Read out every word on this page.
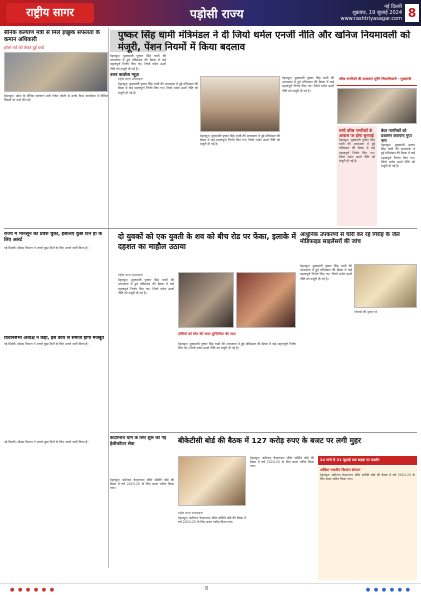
राष्ट्रीय सागर	पड़ोसी राज्य	नई दिल्ली
शुक्रवार, 19 जुलाई 2024
www.rashtriyasagar.com 8
सैनिक कल्याण मंत्री से मिले इच्छुक सफलता के कमान अधिकारी
हरेला पर्व को लेकर हुई चर्चा
देहरादून। प्रदेश के सैनिक कल्याण मंत्री गणेश जोशी से उनके कैम्प कार्यालय में विभिन्न विषयों पर चर्चा की गई।

देहरादून। मुख्यमंत्री पुष्कर सिंह धामी की अध्यक्षता में हुई मंत्रिमंडल की बैठक में कई महत्वपूर्ण निर्णय लिए गए। जियो थर्मल ऊर्जा नीति को मंजूरी दी गई है।

उत्तर कालेज न्यूज़
पुष्कर सिंह धामी मंत्रिमंडल ने दी जियो थर्मल एनर्जी नीति और खनिज नियमावली को मंजूरी, पेंशन नियमों में किया बदलाव
राष्ट्रीय सागर संवाददाता

देहरादून। मुख्यमंत्री पुष्कर सिंह धामी की अध्यक्षता में हुई मंत्रिमंडल की बैठक में कई महत्वपूर्ण निर्णय लिए गए। जियो थर्मल ऊर्जा नीति को मंजूरी दी गई है।

देहरादून। मुख्यमंत्री पुष्कर सिंह धामी की अध्यक्षता में हुई मंत्रिमंडल की बैठक में कई महत्वपूर्ण निर्णय लिए गए। जियो थर्मल ऊर्जा नीति को मंजूरी दी गई है।

देहरादून। मुख्यमंत्री पुष्कर सिंह धामी की अध्यक्षता में हुई मंत्रिमंडल की बैठक में कई महत्वपूर्ण निर्णय लिए गए। जियो थर्मल ऊर्जा नीति को मंजूरी दी गई है।

वरिष्ठ नागरिकों की समस्याएं सुनेंगे जिलाधिकारी - मुख्यमंत्री
सभी वरिष्ठ नागरिकों के आवास पर होगा सुनवाई
देहरादून। मुख्यमंत्री पुष्कर सिंह धामी की अध्यक्षता में हुई मंत्रिमंडल की बैठक में कई महत्वपूर्ण निर्णय लिए गए। जियो थर्मल ऊर्जा नीति को मंजूरी दी गई है।
बेघर नागरिकों को प्रशासन कराएगा गुप्त नाम
देहरादून। मुख्यमंत्री पुष्कर सिंह धामी की अध्यक्षता में हुई मंत्रिमंडल की बैठक में कई महत्वपूर्ण निर्णय लिए गए। जियो थर्मल ऊर्जा नीति को मंजूरी दी गई है।
राज्य में मानसून का प्रवेश चुका, इसलिए कुछ दिन ही के लिए अलर्ट
नई दिल्ली। मौसम विभाग ने अगले कुछ दिनों के लिए अलर्ट जारी किया है।
दो युवकों को एक युवती के शव को बीच रोड पर फेंका, इलाके में दहशत का माहौल उठाया
राष्ट्रीय सागर संवाददाता

देहरादून। मुख्यमंत्री पुष्कर सिंह धामी की अध्यक्षता में हुई मंत्रिमंडल की बैठक में कई महत्वपूर्ण निर्णय लिए गए। जियो थर्मल ऊर्जा नीति को मंजूरी दी गई है।

दोषियों को मौत की सजा सुनिश्चित की जाए

देहरादून। मुख्यमंत्री पुष्कर सिंह धामी की अध्यक्षता में हुई मंत्रिमंडल की बैठक में कई महत्वपूर्ण निर्णय लिए गए। जियो थर्मल ऊर्जा नीति को मंजूरी दी गई है।

आधुनिक उपकरणों से चोरी कर रहे गिरोह के जेल मोडिफाइड साइलेंसरों की जांच
ज्वेलर्स की दुकान से

देहरादून। मुख्यमंत्री पुष्कर सिंह धामी की अध्यक्षता में हुई मंत्रिमंडल की बैठक में कई महत्वपूर्ण निर्णय लिए गए। जियो थर्मल ऊर्जा नीति को मंजूरी दी गई है।

विधानसभा अध्यक्ष ने कहा, इस कार्य से समाज होगा मजबूत
नई दिल्ली। मौसम विभाग ने अगले कुछ दिनों के लिए अलर्ट जारी किया है।
बीकेटीसी बोर्ड की बैठक में 127 करोड़ रुपए के बजट पर लगी मुहर
केदारनाथ धाम के लिए शुरू की गई हेलीकॉप्टर सेवा

देहरादून। बद्रीनाथ केदारनाथ मंदिर समिति बोर्ड की बैठक में वर्ष 2024-25 के लिए बजट पारित किया गया।

राष्ट्रीय सागर संवाददाता

देहरादून। बद्रीनाथ केदारनाथ मंदिर समिति बोर्ड की बैठक में वर्ष 2024-25 के लिए बजट पारित किया गया।

देहरादून। बद्रीनाथ केदारनाथ मंदिर समिति बोर्ड की बैठक में वर्ष 2024-25 के लिए बजट पारित किया गया।

24 मार्च से 31 जुलाई तक सड़क पर प्रदर्शन
अखिल भारतीय किसान संगठन
देहरादून। बद्रीनाथ केदारनाथ मंदिर समिति बोर्ड की बैठक में वर्ष 2024-25 के लिए बजट पारित किया गया।

नई दिल्ली। मौसम विभाग ने अगले कुछ दिनों के लिए अलर्ट जारी किया है।

● ● ● ● ● ●	8	● ● ● ● ● ●
